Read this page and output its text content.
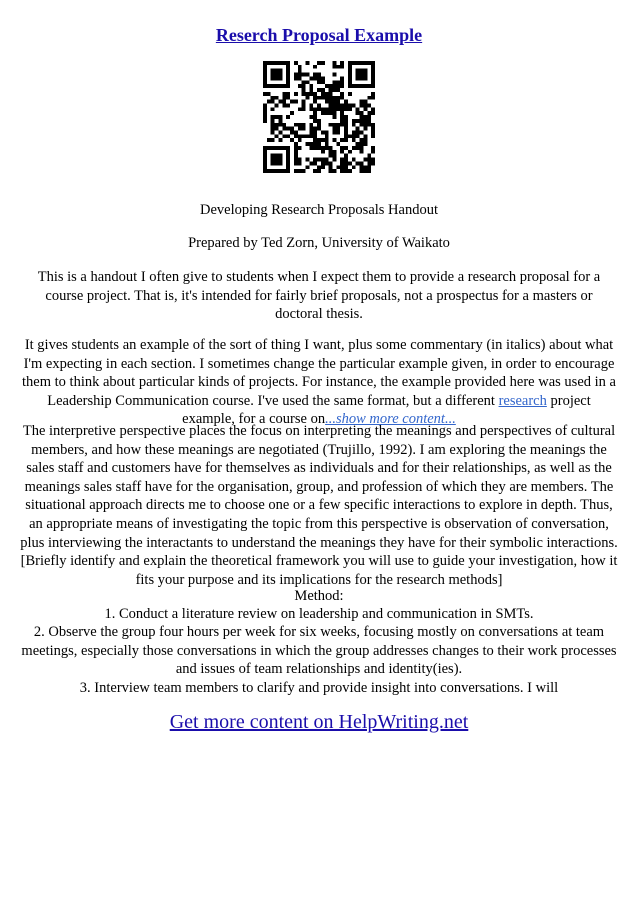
Reserch Proposal Example
Developing Research Proposals Handout
Prepared by Ted Zorn, University of Waikato
This is a handout I often give to students when I expect them to provide a research proposal for a course project. That is, it's intended for fairly brief proposals, not a prospectus for a masters or doctoral thesis.
It gives students an example of the sort of thing I want, plus some commentary (in italics) about what I'm expecting in each section. I sometimes change the particular example given, in order to encourage them to think about particular kinds of projects. For instance, the example provided here was used in a Leadership Communication course. I've used the same format, but a different research project example, for a course on...show more content...
The interpretive perspective places the focus on interpreting the meanings and perspectives of cultural members, and how these meanings are negotiated (Trujillo, 1992). I am exploring the meanings the sales staff and customers have for themselves as individuals and for their relationships, as well as the meanings sales staff have for the organisation, group, and profession of which they are members. The situational approach directs me to choose one or a few specific interactions to explore in depth. Thus, an appropriate means of investigating the topic from this perspective is observation of conversation, plus interviewing the interactants to understand the meanings they have for their symbolic interactions. [Briefly identify and explain the theoretical framework you will use to guide your investigation, how it fits your purpose and its implications for the research methods]
Method:
1. Conduct a literature review on leadership and communication in SMTs.
2. Observe the group four hours per week for six weeks, focusing mostly on conversations at team meetings, especially those conversations in which the group addresses changes to their work processes and issues of team relationships and identity(ies).
3. Interview team members to clarify and provide insight into conversations. I will
Get more content on HelpWriting.net
